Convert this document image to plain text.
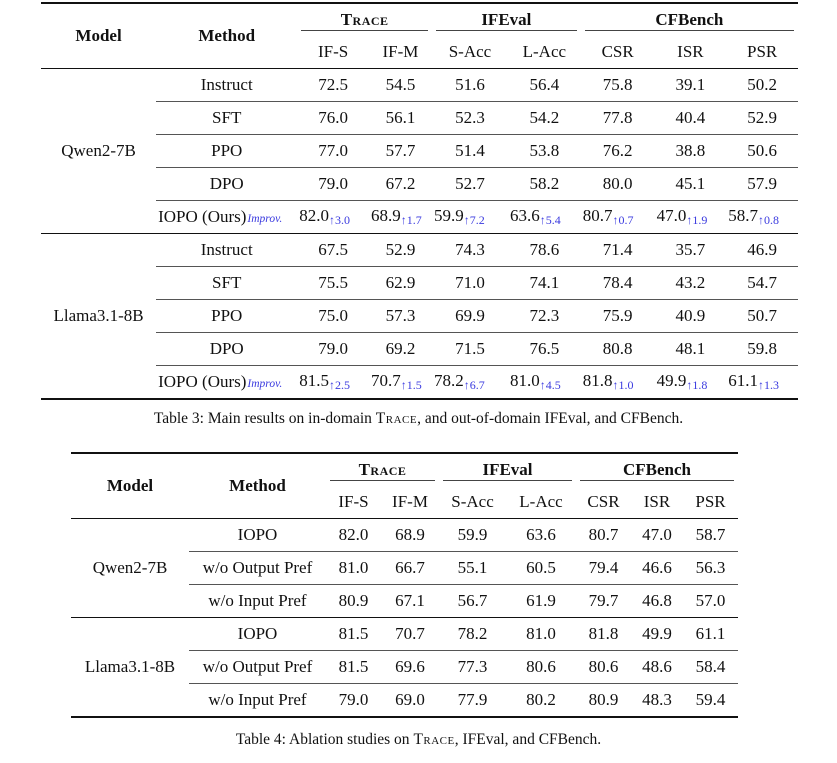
Model	Method	Trace		IFEval		CFBench		

		IF-S	IF-M	S-Acc	L-Acc	CSR	ISR	PSR
Qwen2-7B	Instruct	72.5	54.5	51.6	56.4	75.8	39.1	50.2
	SFT	76.0	56.1	52.3	54.2	77.8	40.4	52.9
	PPO	77.0	57.7	51.4	53.8	76.2	38.8	50.6
	DPO	79.0	67.2	52.7	58.2	80.0	45.1	57.9
	IOPO (Ours)Improv.	82.0↑3.0	68.9↑1.7	59.9↑7.2	63.6↑5.4	80.7↑0.7	47.0↑1.9	58.7↑0.8
Llama3.1-8B	Instruct	67.5	52.9	74.3	78.6	71.4	35.7	46.9
	SFT	75.5	62.9	71.0	74.1	78.4	43.2	54.7
	PPO	75.0	57.3	69.9	72.3	75.9	40.9	50.7
	DPO	79.0	69.2	71.5	76.5	80.8	48.1	59.8
	IOPO (Ours)Improv.	81.5↑2.5	70.7↑1.5	78.2↑6.7	81.0↑4.5	81.8↑1.0	49.9↑1.8	61.1↑1.3
Table 3: Main results on in-domain Trace, and out-of-domain IFEval, and CFBench.
Model	Method	Trace		IFEval		CFBench		

		IF-S	IF-M	S-Acc	L-Acc	CSR	ISR	PSR
Qwen2-7B	IOPO	82.0	68.9	59.9	63.6	80.7	47.0	58.7
	w/o Output Pref	81.0	66.7	55.1	60.5	79.4	46.6	56.3
	w/o Input Pref	80.9	67.1	56.7	61.9	79.7	46.8	57.0
Llama3.1-8B	IOPO	81.5	70.7	78.2	81.0	81.8	49.9	61.1
	w/o Output Pref	81.5	69.6	77.3	80.6	80.6	48.6	58.4
	w/o Input Pref	79.0	69.0	77.9	80.2	80.9	48.3	59.4
Table 4: Ablation studies on Trace, IFEval, and CFBench.
